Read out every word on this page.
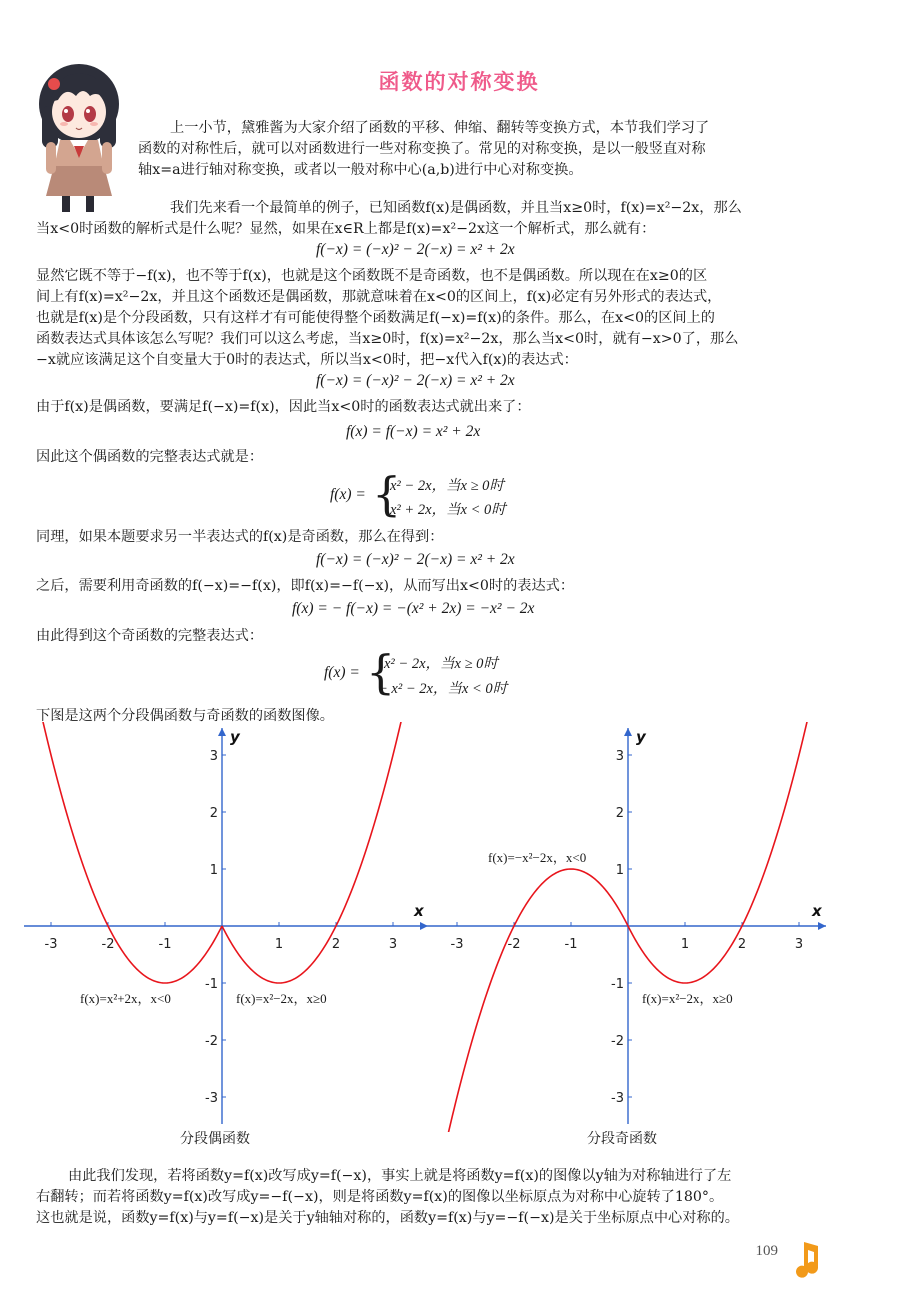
函数的对称变换
上一小节，黛雅酱为大家介绍了函数的平移、伸缩、翻转等变换方式，本节我们学习了
函数的对称性后，就可以对函数进行一些对称变换了。常见的对称变换，是以一般竖直对称
轴x=a进行轴对称变换，或者以一般对称中心(a,b)进行中心对称变换。
我们先来看一个最简单的例子，已知函数f(x)是偶函数，并且当x≥0时，f(x)=x²−2x，那么
当x<0时函数的解析式是什么呢？显然，如果在x∈R上都是f(x)=x²−2x这一个解析式，那么就有：
f(−x) = (−x)² − 2(−x) = x² + 2x
显然它既不等于−f(x)，也不等于f(x)，也就是这个函数既不是奇函数，也不是偶函数。所以现在在x≥0的区
间上有f(x)=x²−2x，并且这个函数还是偶函数，那就意味着在x<0的区间上，f(x)必定有另外形式的表达式，
也就是f(x)是个分段函数，只有这样才有可能使得整个函数满足f(−x)=f(x)的条件。那么，在x<0的区间上的
函数表达式具体该怎么写呢？我们可以这么考虑，当x≥0时，f(x)=x²−2x，那么当x<0时，就有−x>0了，那么
−x就应该满足这个自变量大于0时的表达式，所以当x<0时，把−x代入f(x)的表达式：
f(−x) = (−x)² − 2(−x) = x² + 2x
由于f(x)是偶函数，要满足f(−x)=f(x)，因此当x<0时的函数表达式就出来了：
f(x) = f(−x) = x² + 2x
因此这个偶函数的完整表达式就是：
f(x) = {
x² − 2x，当x ≥ 0时
x² + 2x，当x < 0时
同理，如果本题要求另一半表达式的f(x)是奇函数，那么在得到：
f(−x) = (−x)² − 2(−x) = x² + 2x
之后，需要利用奇函数的f(−x)=−f(x)，即f(x)=−f(−x)，从而写出x<0时的表达式：
f(x) = − f(−x) = −(x² + 2x) = −x² − 2x
由此得到这个奇函数的完整表达式：
f(x) = {
x² − 2x，当x ≥ 0时
− x² − 2x，当x < 0时
下图是这两个分段偶函数与奇函数的函数图像。
x
y
-3	-2	-1	1	2	3
3
2
1
-1
-2
-3
x
y
-3	-2	-1	1	2	3
3
2
1
-1
-2
-3
f(x)=x²+2x，x<0	f(x)=x²−2x，x≥0
f(x)=−x²−2x，x<0
f(x)=x²−2x，x≥0
分段偶函数	分段奇函数
由此我们发现，若将函数y=f(x)改写成y=f(−x)，事实上就是将函数y=f(x)的图像以y轴为对称轴进行了左
右翻转；而若将函数y=f(x)改写成y=−f(−x)，则是将函数y=f(x)的图像以坐标原点为对称中心旋转了180°。
这也就是说，函数y=f(x)与y=f(−x)是关于y轴轴对称的，函数y=f(x)与y=−f(−x)是关于坐标原点中心对称的。
109
